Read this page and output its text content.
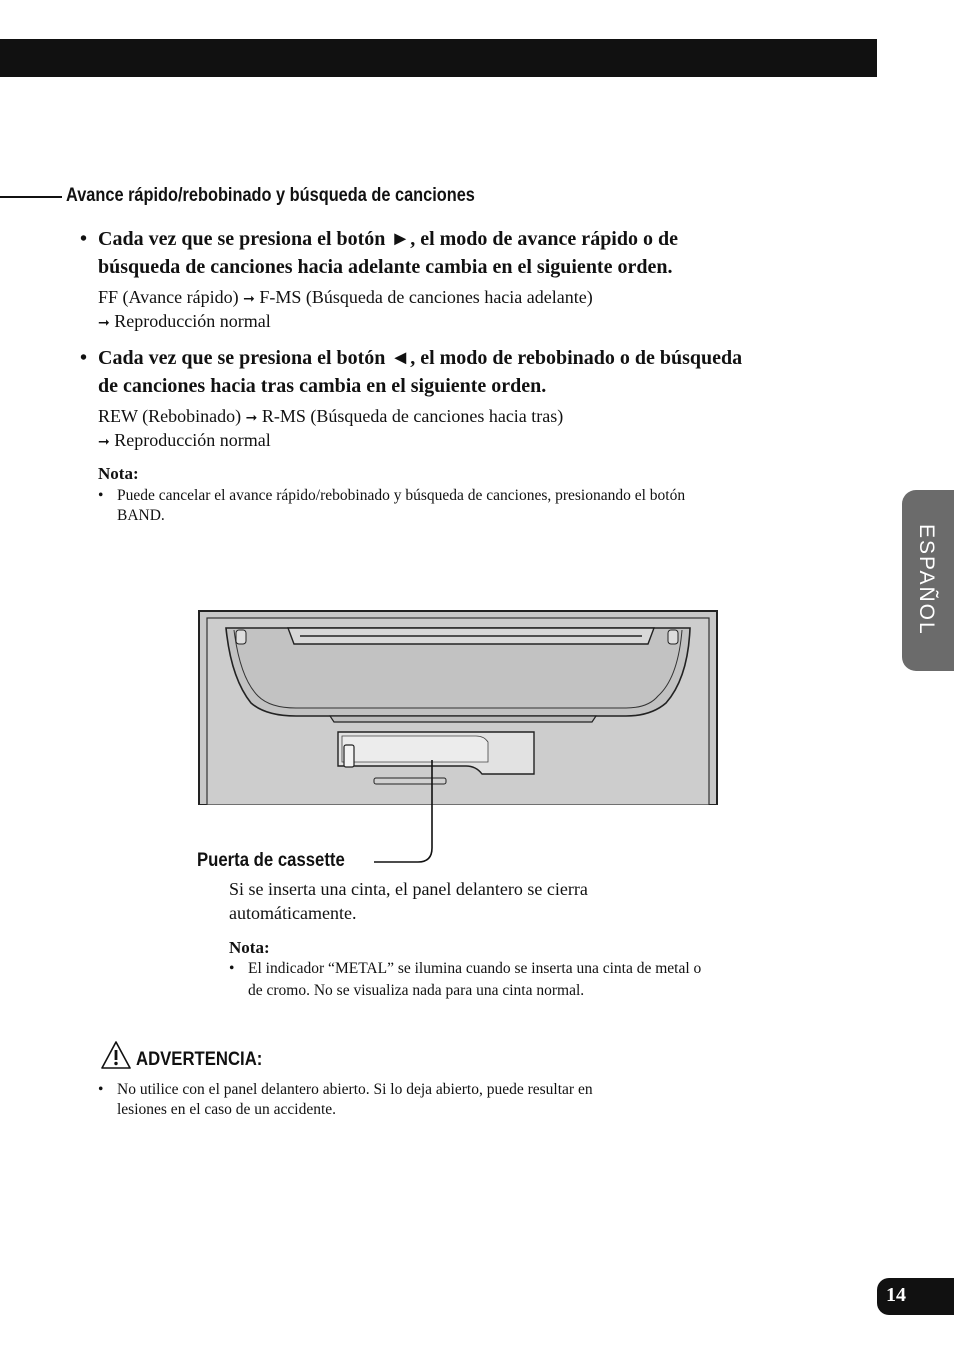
Avance rápido/rebobinado y búsqueda de canciones
• Cada vez que se presiona el botón ►, el modo de avance rápido o de
búsqueda de canciones hacia adelante cambia en el siguiente orden.
FF (Avance rápido) ➞ F-MS (Búsqueda de canciones hacia adelante)
➞ Reproducción normal
• Cada vez que se presiona el botón ◄, el modo de rebobinado o de búsqueda
de canciones hacia tras cambia en el siguiente orden.
REW (Rebobinado) ➞ R-MS (Búsqueda de canciones hacia tras)
➞ Reproducción normal
Nota:
• Puede cancelar el avance rápido/rebobinado y búsqueda de canciones, presionando el botón
BAND.
Puerta de cassette
Si se inserta una cinta, el panel delantero se cierra
automáticamente.
Nota:
• El indicador “METAL” se ilumina cuando se inserta una cinta de metal o
de cromo. No se visualiza nada para una cinta normal.
ADVERTENCIA:
• No utilice con el panel delantero abierto. Si lo deja abierto, puede resultar en
lesiones en el caso de un accidente.
ESPAÑOL
14
